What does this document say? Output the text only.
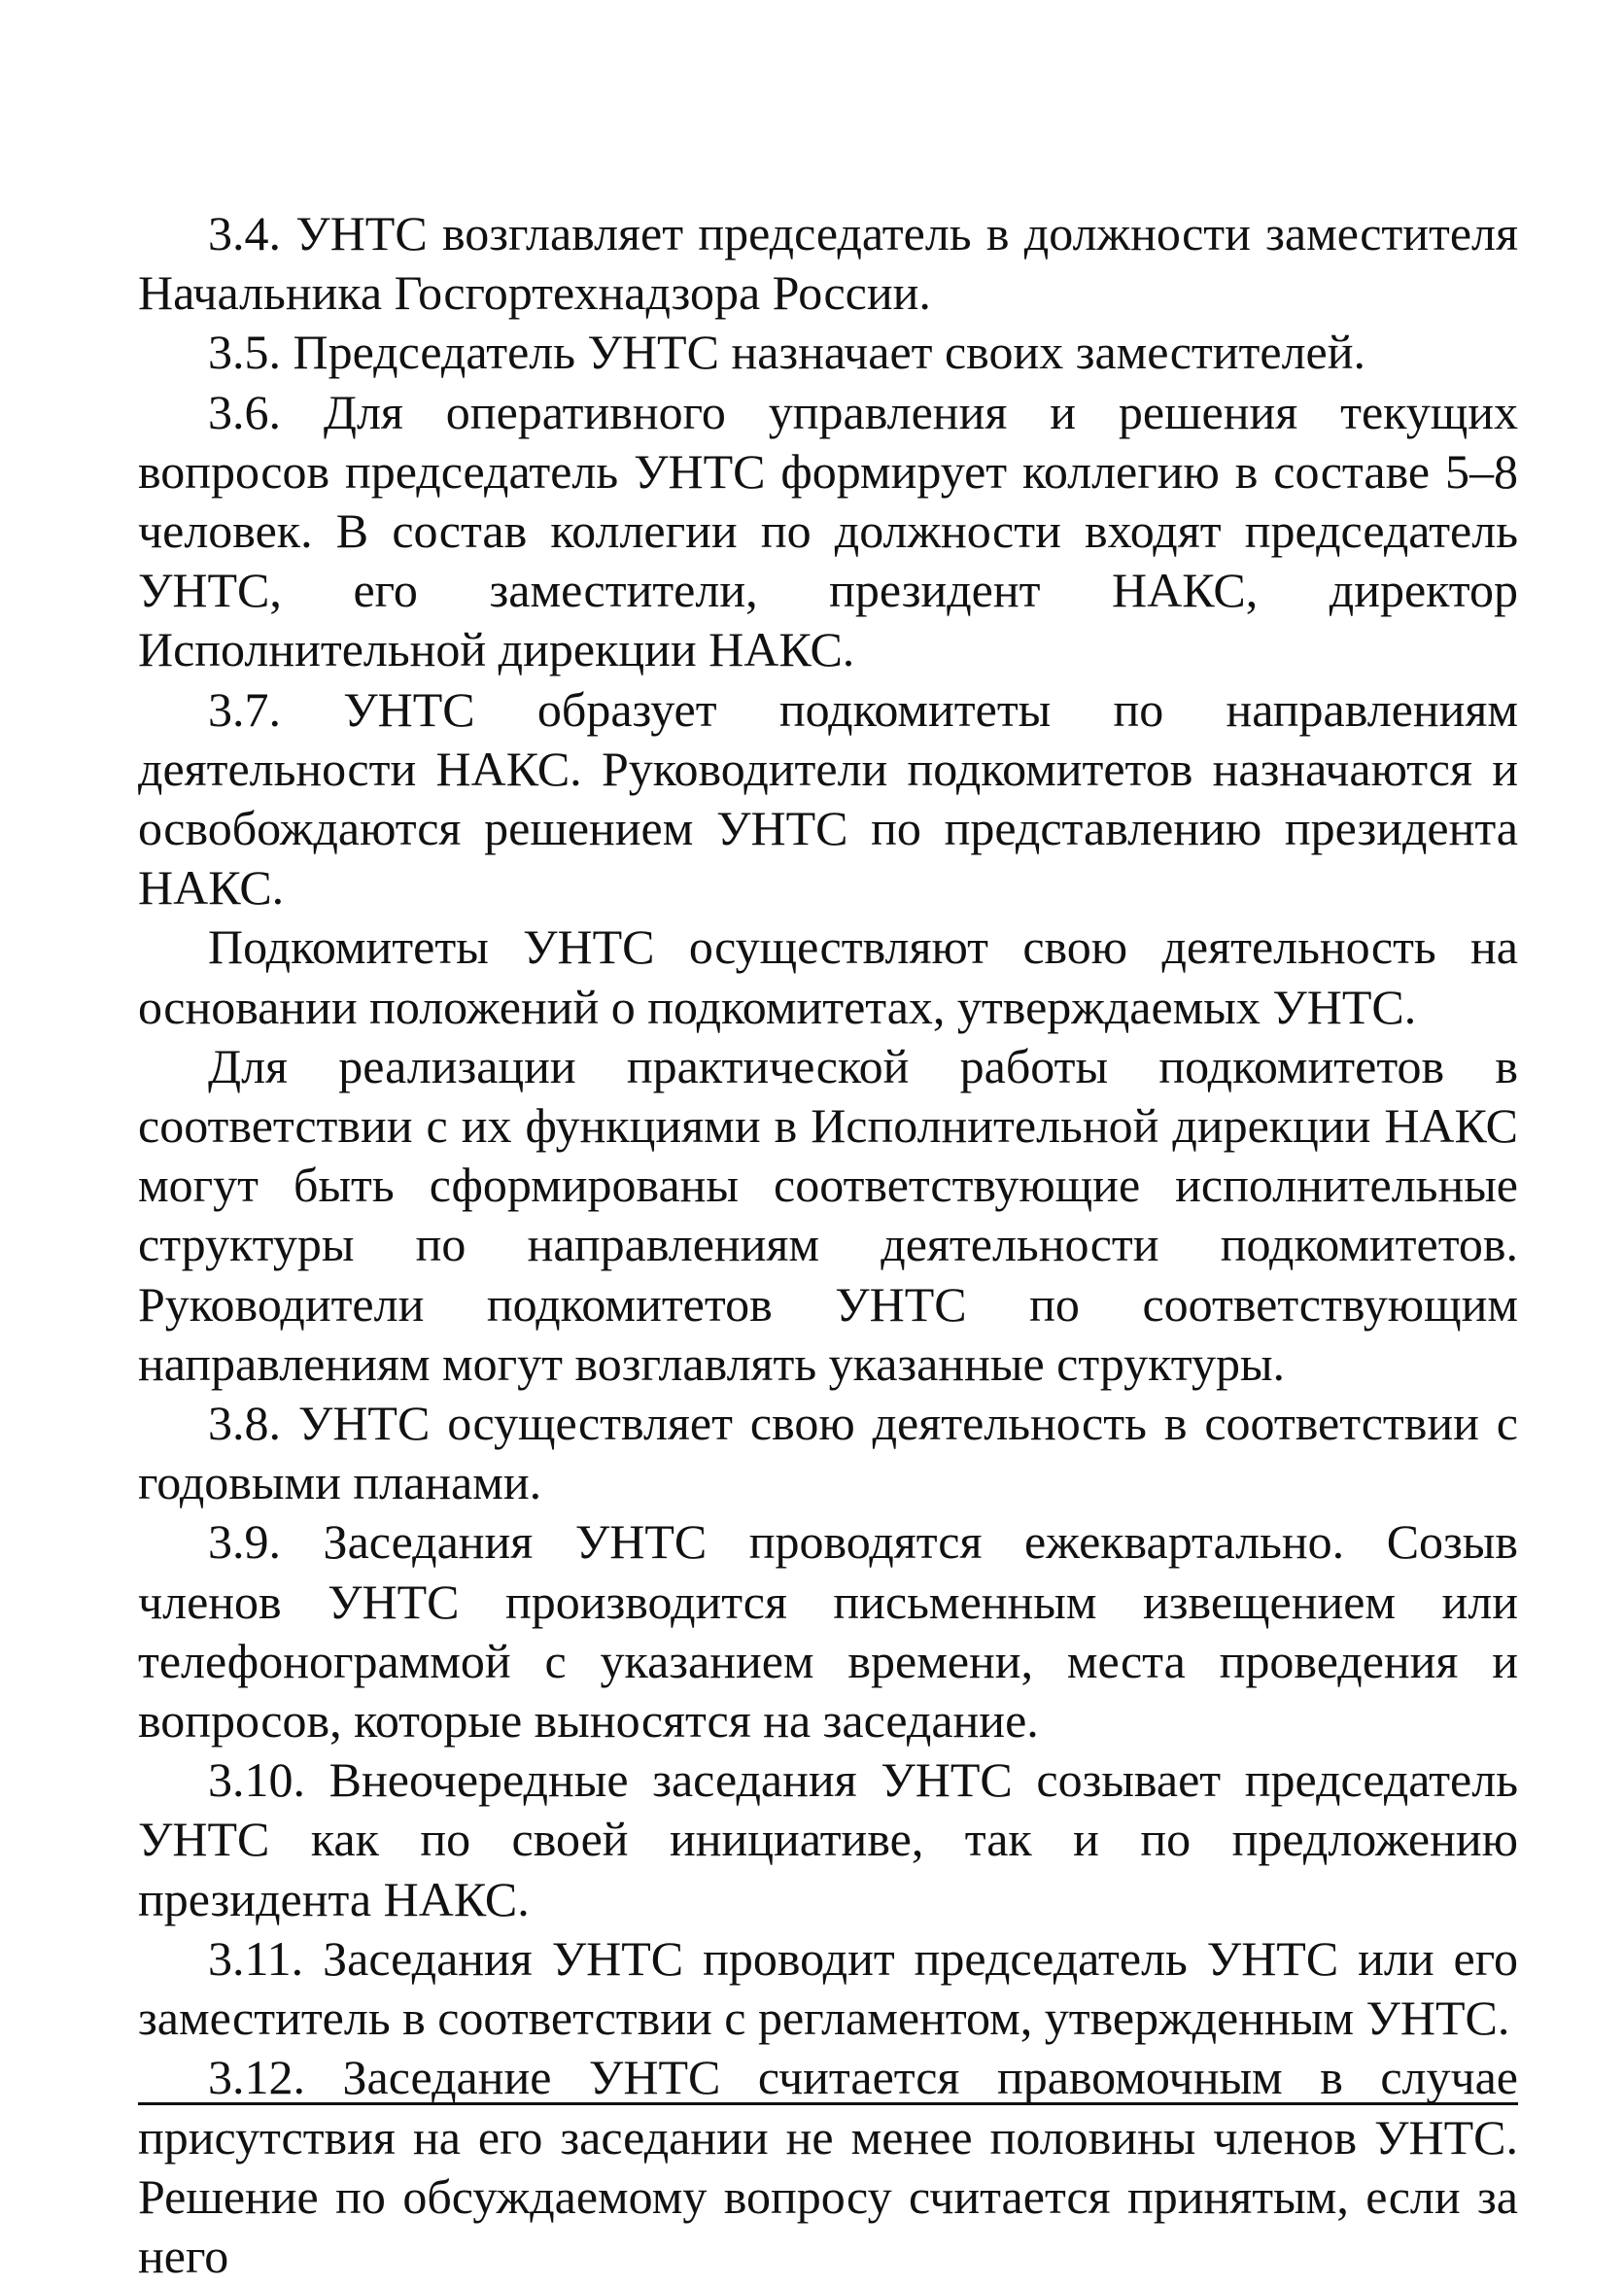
3.4. УНТС возглавляет председатель в должности заместителя Начальника Госгортехнадзора России.

3.5. Председатель УНТС назначает своих заместителей.

3.6. Для оперативного управления и решения текущих вопросов председатель УНТС формирует коллегию в составе 5–8 человек. В состав коллегии по должности входят председатель УНТС, его заместители, президент НАКС, директор Исполнительной дирекции НАКС.

3.7. УНТС образует подкомитеты по направлениям деятельности НАКС. Руководители подкомитетов назначаются и освобождаются решением УНТС по представлению президента НАКС.

Подкомитеты УНТС осуществляют свою деятельность на основании положений о подкомитетах, утверждаемых УНТС.

Для реализации практической работы подкомитетов в соответствии с их функциями в Исполнительной дирекции НАКС могут быть сформированы соответствующие исполнительные структуры по направлениям деятельности подкомитетов. Руководители подкомитетов УНТС по соответствующим направлениям могут возглавлять указанные структуры.

3.8. УНТС осуществляет свою деятельность в соответствии с годовыми планами.

3.9. Заседания УНТС проводятся ежеквартально. Созыв членов УНТС производится письменным извещением или телефонограммой с указанием времени, места проведения и вопросов, которые выносятся на заседание.

3.10. Внеочередные заседания УНТС созывает председатель УНТС как по своей инициативе, так и по предложению президента НАКС.

3.11. Заседания УНТС проводит председатель УНТС или его заместитель в соответствии с регламентом, утвержденным УНТС.

3.12. Заседание УНТС считается правомочным в случае присутствия на его заседании не менее половины членов УНТС. Решение по обсуждаемому вопросу считается принятым, если за него
